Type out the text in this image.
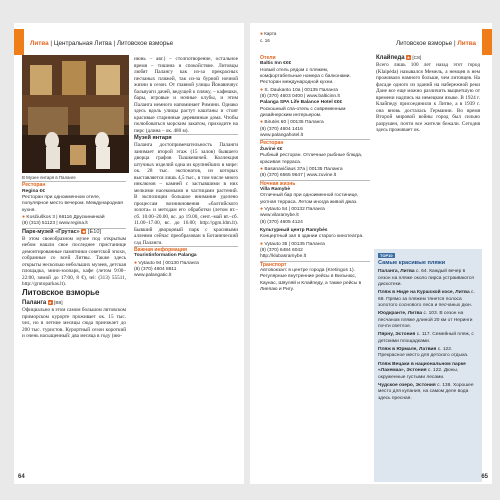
Литва | Центральная Литва | Литовское взморье
В Музее янтаря в Паланге
Ресторан
Regina €€
Ресторан при одноименном отеле, популярное место вечером. Международная кухня.
● Kosčiuškos 3 | 66116 Друскининкай
(8) (313) 51123 | www.regina.lt
Парк-музей «Грутас» ★ [E10]

В этом своеобразном музее под открытым небом нашли свое последнее пристанище демонтированные памятники советской эпохи, собранные со всей Литвы. Также здесь открыты несколько небольших музеев, детская площадка, мини-зоопарк, кафе (летом 9:00–22:00, зимой до 17:00, 8 €), tel: (313) 55511, http://grutoparkas.lt).

Литовское взморье
Паланга ★ [B8]

Официально в этом самом большом литовском приморском курорте проживает ок. 15 тыс. чел, но в летние месяцы сюда приезжает до 200 тыс. туристов. Курортный сезон короткий и очень насыщенный: два месяца в году (ию-

июнь – авг.) – столпотворение, остальное время – тишина и спокойствие. Литовцы любят Палангу как из-за прекрасных песчаных пляжей, так из-за бурной ночной жизни в сезон. От главной улицы Йонавичяус бальвуаги дачей, ведущей к пляжу, – кафешки, бары, игровые и ночные клубы, и этим Паланга немного напоминает Римини. Однако здесь вдоль улицы растут каштаны и стоят красивые старинные деревянные дома. Чтобы полюбоваться морским закатом, приходите на пирс (длина – ок. 480 м).

Музей янтаря

Паланга достопримечательность Паланги занимает второй этаж (15 залов) бывшего дворца графов Тышкевичей. Коллекция штучных изделий одна из крупнейших в мире: ок. 28 тыс. экспонатов, из которых выставляется лишь 4,5 тыс., в том числе много инклюзов – камней с застывшими в них мелкими насекомыми и частицами растений. В экспозиции большое внимание уделено процессам возникновения «балтийского золота» и методам его обработки (летом вт.–сб. 10.00–20.00, вс. до 19.00, сент.–май вт.–сб. 11.00–17.00, вс. до 16.00; http://pgm.ldm.lt). Бывший дворцовый парк с красивыми аллеями сейчас преобразован в Ботанический сад Паланги.

Важная информация
Touristinformation Palanga
● Vytauto 94 | 00130 Паланга
(8) (370) 4604 8811
www.palangatic.lt
64
● Карта
с. 16	Литовское взморье | Литва
Отели
Baltic Inn €€€
Новый отель рядом с пляжем, комфортабельные номера с балконами. Ресторан международной кухни.
● S. Daukanto 10a | 00135 Паланга
(8) (370) 4603 0400 | www.balticinn.lt
Palanga SPA Life Balance Hotel €€€
Роскошный спа-отель с современным дизайнерским интерьером.
● Birutės 60 | 00135 Паланга
(8) (370) 4604 1416
www.palangahotel.lt
Ресторан
Žuvinė €€
Рыбный ресторан. Отличные рыбные блюда, красивая терраса.
● Basanavičiaus 37a | 00135 Паланга
(8) (370) 6565 9647 | www.zuvine.lt
Ночная жизнь
Villa Ramybė
Отличный бар при одноименной гостинице, уютная терраса. Летом иногда живой джаз.
● Vytauto 54 | 00132 Паланга
www.vilaramybe.lt
(8) (370) 4605 4124
Культурный центр Ramybės
Концертный зал в здании старого кинотеатра.
● Vytauto 35 | 00135 Паланга
(8) (370) 6484 6042
http://klubasramybe.lt
Транспорт
Автовокзал: в центре города (Kretingos 1). Регулярные внутренние рейсы в Вильнюс, Каунас, Шяуляй и Клайпеду, а также рейсы в Лиепаю и Ригу.
Клайпеда ★ [C8]

Всего лишь 100 лет назад этот город (Klaipėda) назывался Мемель, а немцев в нем проживало намного больше, чем литовцев. На фасаде одного из зданий на набережной реки Дане все еще можно различить выцветшую от времени надпись на немецком языке. В 1924 г. Клайпеду присоединили к Литве, а в 1939 г. она вновь досталась Германии. Во время Второй мировой войны город был сильно разрушен, почти все жители бежали. Сегодня здесь проживает ок.

TOP10
Самые красивые пляжи
Паланга, Литва с. 64. Каждый вечер в сезон на пляже около пирса устраиваются дискотеки.
Пляж в Ниде на Куршской косе, Литва с. 68. Прямо за пляжем тянется полоса золотого соснового леса и песчаных дюн.
Юодкранте, Литва с. 103. В сезон на песчаном пляже длиной 20 км от Неринги почти светлое.
Пярну, Эстония с. 117. Семейный пляж, с детскими площадками.
Пляж в Юрмале, Латвия с. 122. Прекрасное место для детского отдыха.
Пляж Вецаки в национальном парке «Лахемаа», Эстония с. 122. Дюны, окруженные густыми лесами.
Чудское озеро, Эстония с. 138. Хорошее место для купания, на самом деле вода здесь пресная.
65
